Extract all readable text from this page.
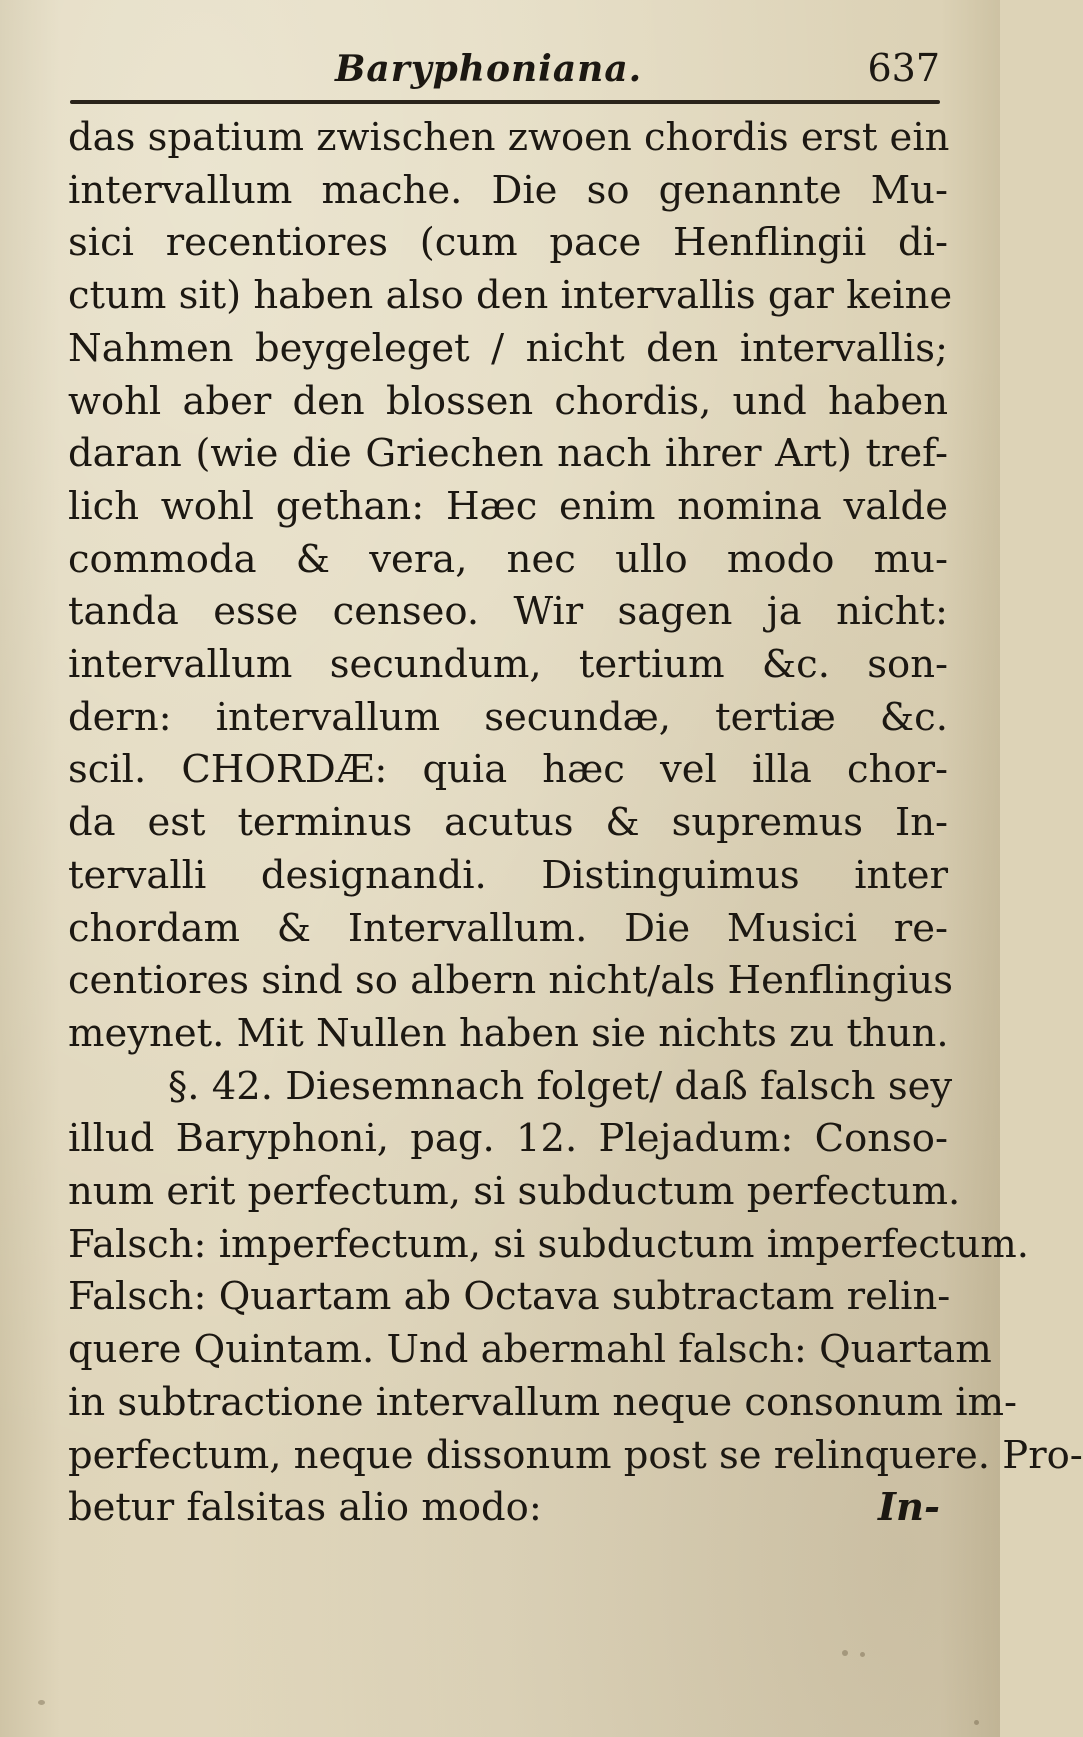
Baryphoniana.	637
das spatium zwischen zwoen chordis erst ein
intervallum mache. Die so genannte Mu-
sici recentiores (cum pace Henflingii di-
ctum sit) haben also den intervallis gar keine
Nahmen beygeleget / nicht den intervallis;
wohl aber den blossen chordis, und haben
daran (wie die Griechen nach ihrer Art) tref-
lich wohl gethan: Hæc enim nomina valde
commoda & vera, nec ullo modo mu-
tanda esse censeo. Wir sagen ja nicht:
intervallum secundum, tertium &c. son-
dern: intervallum secundæ, tertiæ &c.
scil. CHORDÆ: quia hæc vel illa chor-
da est terminus acutus & supremus In-
tervalli designandi. Distinguimus inter
chordam & Intervallum. Die Musici re-
centiores sind so albern nicht/als Henflingius
meynet. Mit Nullen haben sie nichts zu thun.
§. 42. Diesemnach folget/ daß falsch sey
illud Baryphoni, pag. 12. Plejadum: Conso-
num erit perfectum, si subductum perfectum.
Falsch: imperfectum, si subductum imperfectum.
Falsch: Quartam ab Octava subtractam relin-
quere Quintam. Und abermahl falsch: Quartam
in subtractione intervallum neque consonum im-
perfectum, neque dissonum post se relinquere. Pro-
betur falsitas alio modo:	In-
